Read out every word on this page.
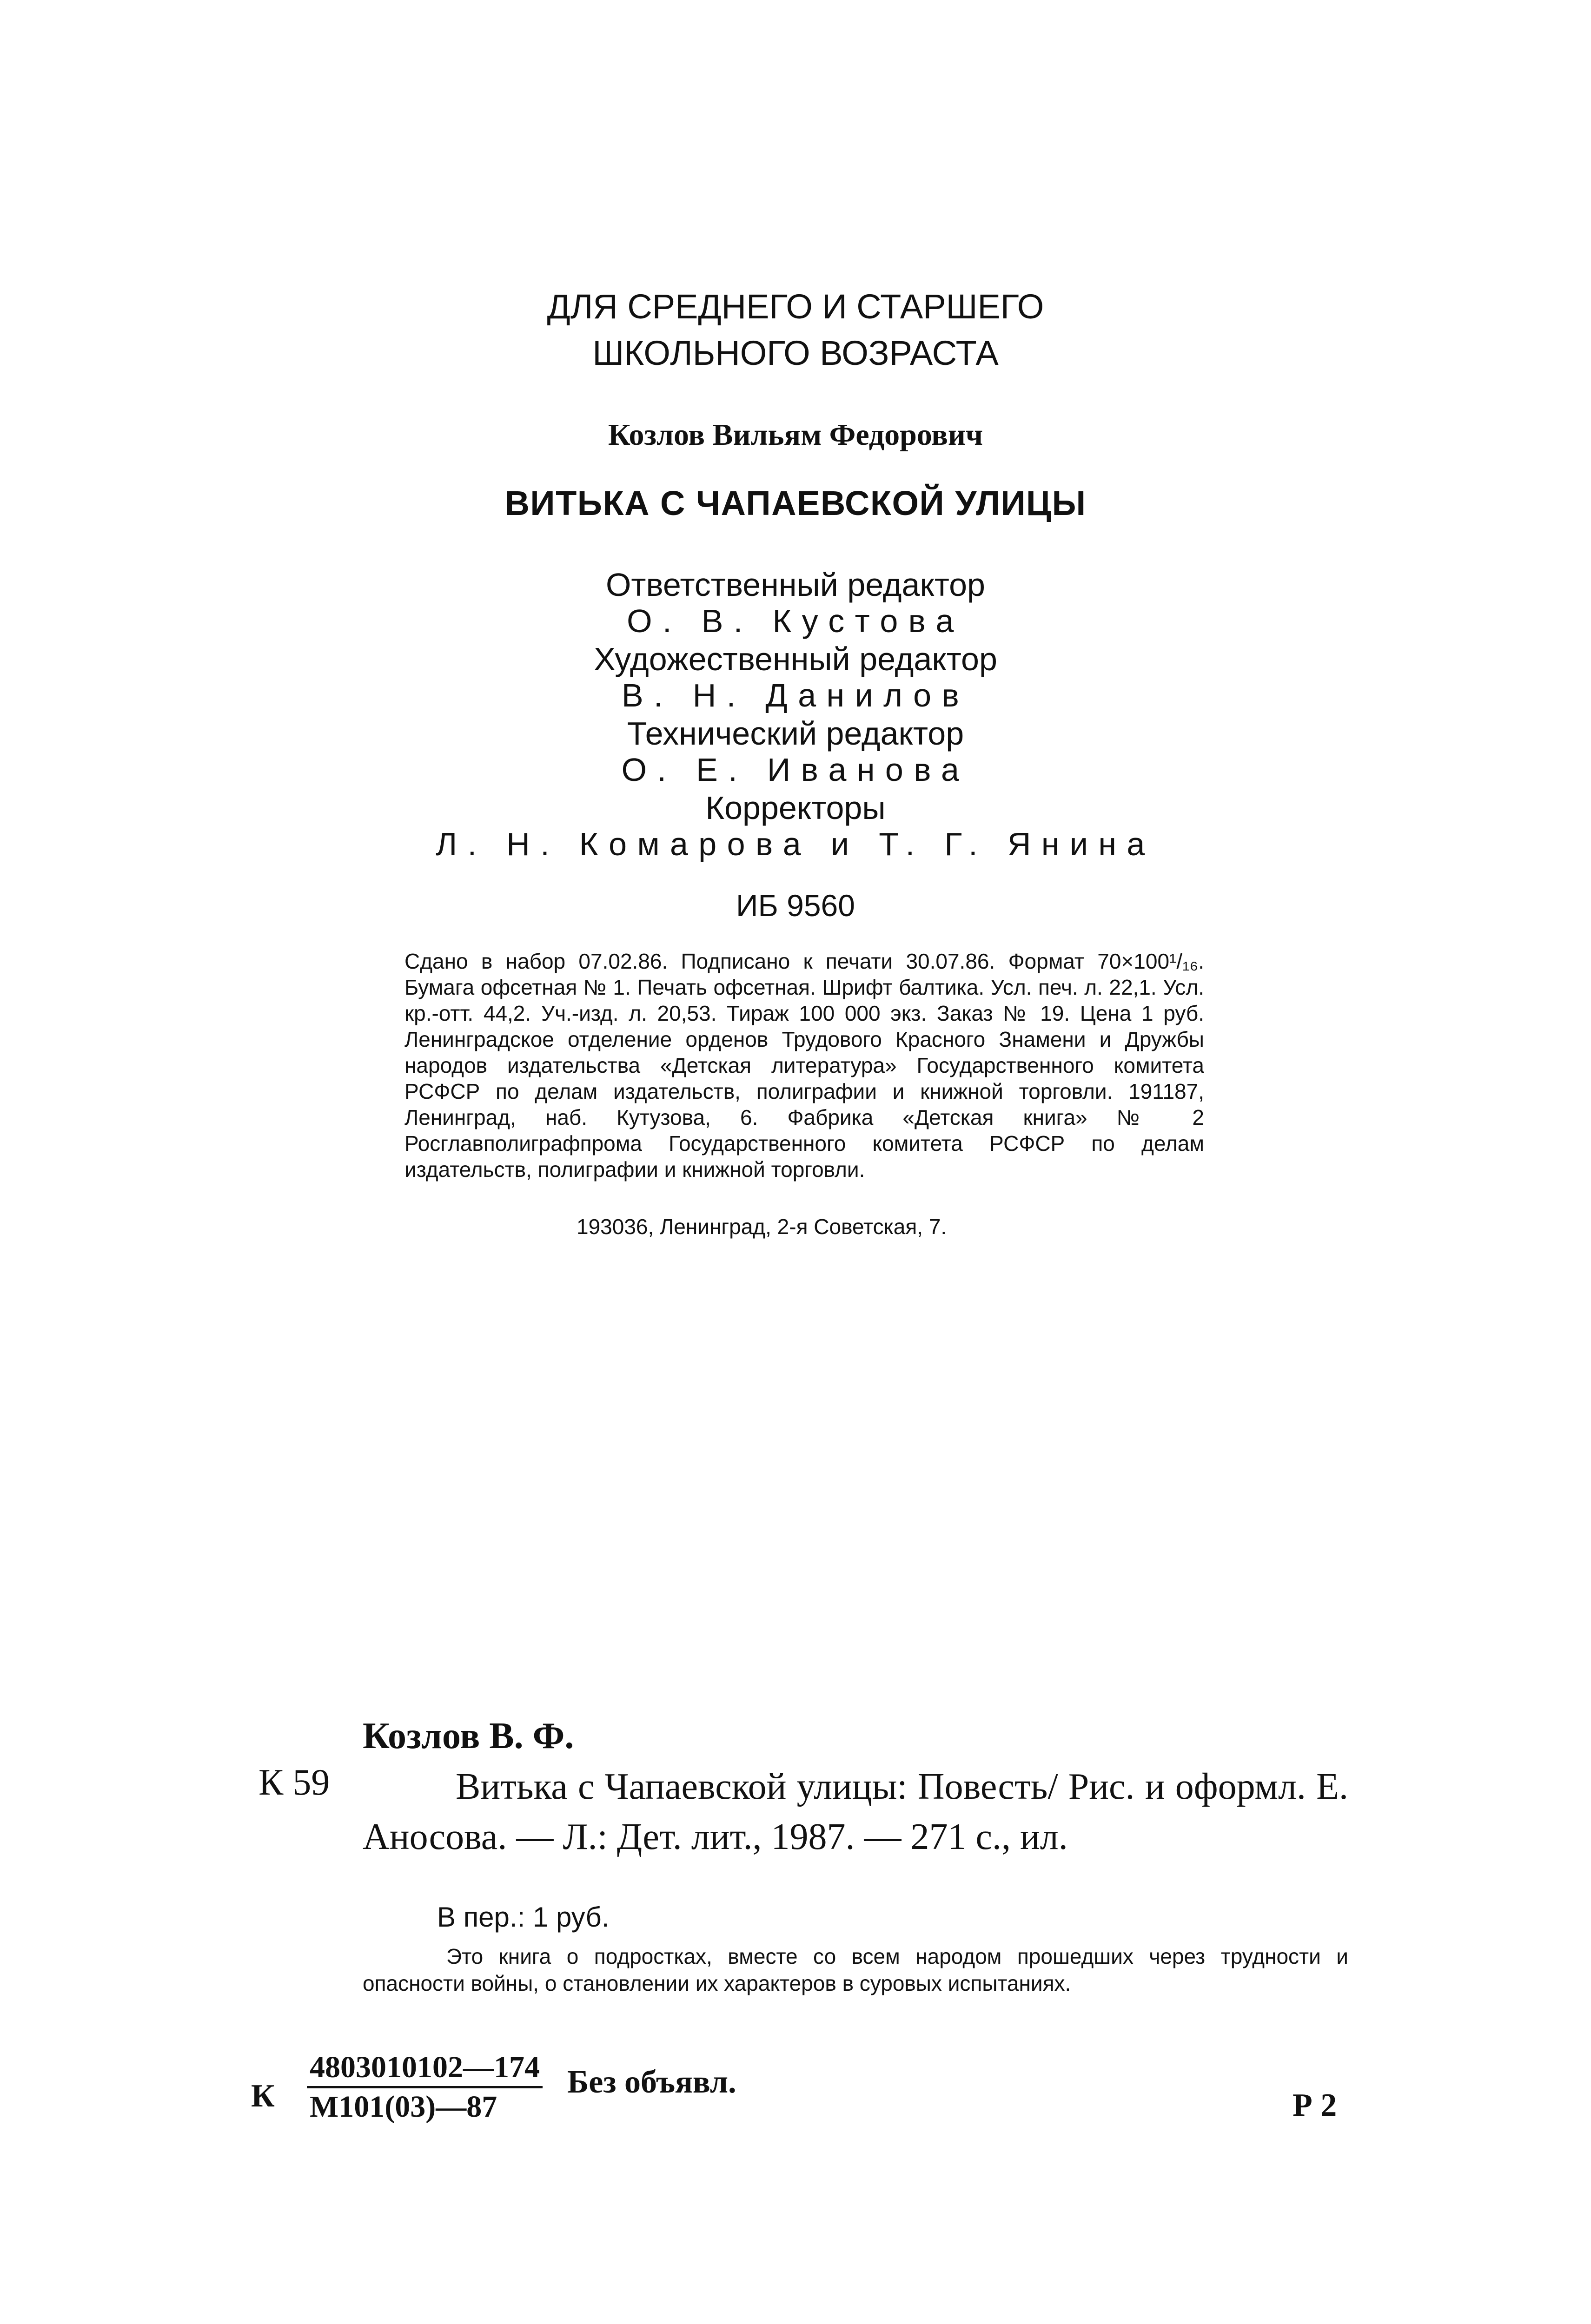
ДЛЯ СРЕДНЕГО И СТАРШЕГО
ШКОЛЬНОГО ВОЗРАСТА
Козлов Вильям Федорович
ВИТЬКА С ЧАПАЕВСКОЙ УЛИЦЫ
Ответственный редактор
О. В. Кустова
Художественный редактор
В. Н. Данилов
Технический редактор
О. Е. Иванова
Корректоры
Л. Н. Комарова и Т. Г. Янина
ИБ 9560
Сдано в набор 07.02.86. Подписано к печати 30.07.86. Формат 70×100¹/₁₆. Бумага офсетная № 1. Печать офсетная. Шрифт балтика. Усл. печ. л. 22,1. Усл. кр.-отт. 44,2. Уч.-изд. л. 20,53. Тираж 100 000 экз. Заказ № 19. Цена 1 руб. Ленинградское отделение орденов Трудового Красного Знамени и Дружбы народов издательства «Детская литература» Государственного комитета РСФСР по делам издательств, полиграфии и книжной торговли. 191187, Ленинград, наб. Кутузова, 6. Фабрика «Детская книга» № 2 Росглавполиграфпрома Государственного комитета РСФСР по делам издательств, полиграфии и книжной торговли.
193036, Ленинград, 2-я Советская, 7.
Козлов В. Ф.
К 59	Витька с Чапаевской улицы: Повесть/ Рис. и оформл. Е. Аносова. — Л.: Дет. лит., 1987. — 271 с., ил.
В пер.: 1 руб.
Это книга о подростках, вместе со всем народом прошедших через трудности и опасности войны, о становлении их характеров в суровых испытаниях.
К
4803010102—174
М101(03)—87
Без объявл.
Р 2
